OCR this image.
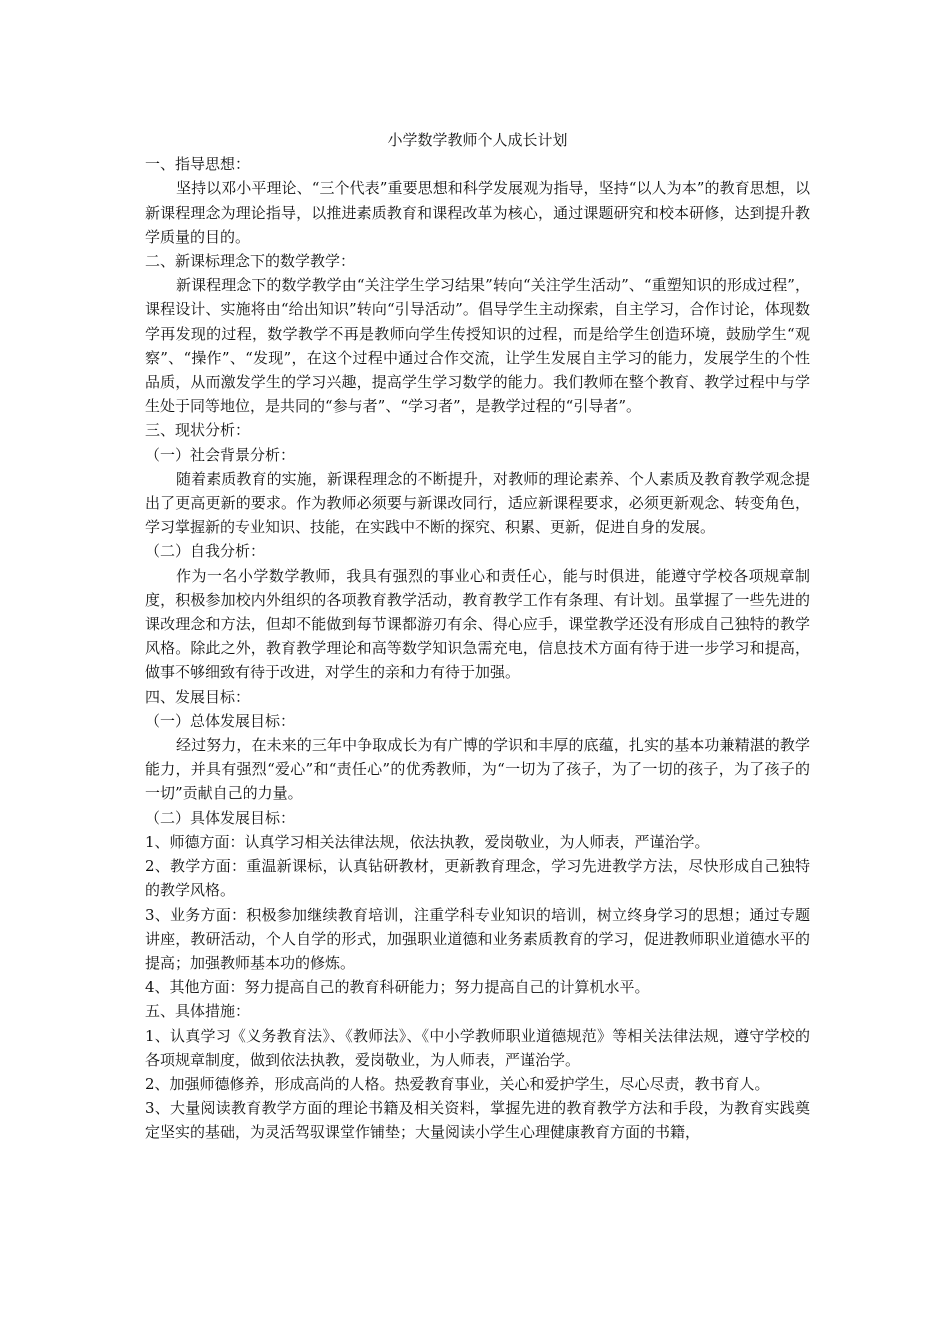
小学数学教师个人成长计划

一、指导思想：

坚持以邓小平理论、“三个代表”重要思想和科学发展观为指导，坚持“以人为本”的教育思想，以新课程理念为理论指导，以推进素质教育和课程改革为核心，通过课题研究和校本研修，达到提升教学质量的目的。

二、新课标理念下的数学教学：

新课程理念下的数学教学由“关注学生学习结果”转向“关注学生活动”、“重塑知识的形成过程”，课程设计、实施将由“给出知识”转向“引导活动”。倡导学生主动探索，自主学习，合作讨论，体现数学再发现的过程，数学教学不再是教师向学生传授知识的过程，而是给学生创造环境，鼓励学生“观察”、“操作”、“发现”，在这个过程中通过合作交流，让学生发展自主学习的能力，发展学生的个性品质，从而激发学生的学习兴趣，提高学生学习数学的能力。我们教师在整个教育、教学过程中与学生处于同等地位，是共同的“参与者”、“学习者”，是教学过程的“引导者”。

三、现状分析：

（一）社会背景分析：

随着素质教育的实施，新课程理念的不断提升，对教师的理论素养、个人素质及教育教学观念提出了更高更新的要求。作为教师必须要与新课改同行，适应新课程要求，必须更新观念、转变角色，学习掌握新的专业知识、技能，在实践中不断的探究、积累、更新，促进自身的发展。

（二）自我分析：

作为一名小学数学教师，我具有强烈的事业心和责任心，能与时俱进，能遵守学校各项规章制度，积极参加校内外组织的各项教育教学活动，教育教学工作有条理、有计划。虽掌握了一些先进的课改理念和方法，但却不能做到每节课都游刃有余、得心应手，课堂教学还没有形成自己独特的教学风格。除此之外，教育教学理论和高等数学知识急需充电，信息技术方面有待于进一步学习和提高，做事不够细致有待于改进，对学生的亲和力有待于加强。

四、发展目标：

（一）总体发展目标：

经过努力，在未来的三年中争取成长为有广博的学识和丰厚的底蕴，扎实的基本功兼精湛的教学能力，并具有强烈“爱心”和“责任心”的优秀教师，为“一切为了孩子，为了一切的孩子，为了孩子的一切”贡献自己的力量。

（二）具体发展目标：

1、师德方面：认真学习相关法律法规，依法执教，爱岗敬业，为人师表，严谨治学。

2、教学方面：重温新课标，认真钻研教材，更新教育理念，学习先进教学方法，尽快形成自己独特的教学风格。

3、业务方面：积极参加继续教育培训，注重学科专业知识的培训，树立终身学习的思想；通过专题讲座，教研活动，个人自学的形式，加强职业道德和业务素质教育的学习，促进教师职业道德水平的提高；加强教师基本功的修炼。

4、其他方面：努力提高自己的教育科研能力；努力提高自己的计算机水平。

五、具体措施：

1、认真学习《义务教育法》、《教师法》、《中小学教师职业道德规范》等相关法律法规，遵守学校的各项规章制度，做到依法执教，爱岗敬业，为人师表，严谨治学。

2、加强师德修养，形成高尚的人格。热爱教育事业，关心和爱护学生，尽心尽责，教书育人。

3、大量阅读教育教学方面的理论书籍及相关资料，掌握先进的教育教学方法和手段，为教育实践奠定坚实的基础，为灵活驾驭课堂作铺垫；大量阅读小学生心理健康教育方面的书籍，
